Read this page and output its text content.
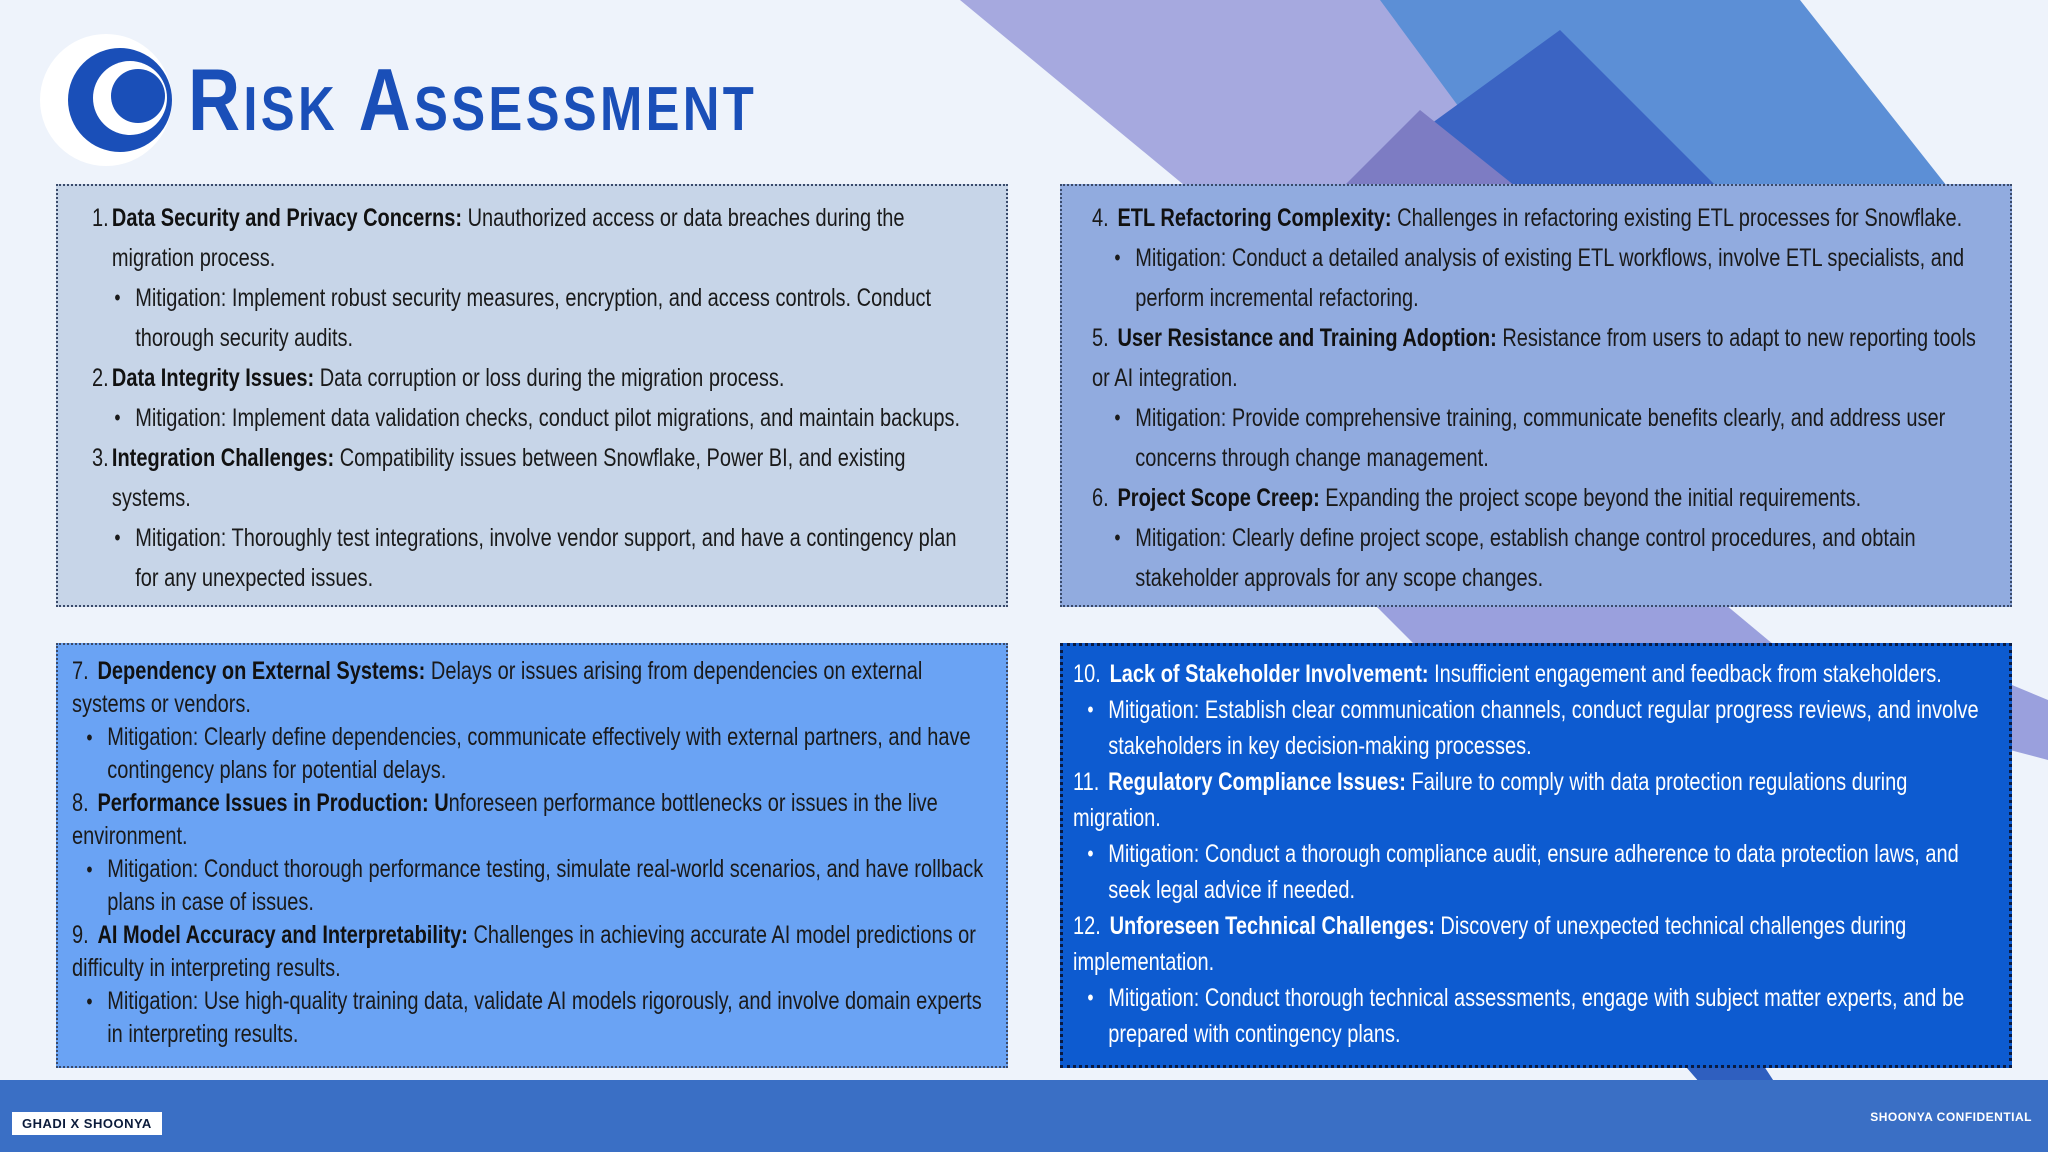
Risk Assessment
1. Data Security and Privacy Concerns: Unauthorized access or data breaches during the migration process.
• Mitigation: Implement robust security measures, encryption, and access controls. Conduct thorough security audits.
2. Data Integrity Issues: Data corruption or loss during the migration process.
• Mitigation: Implement data validation checks, conduct pilot migrations, and maintain backups.
3. Integration Challenges: Compatibility issues between Snowflake, Power BI, and existing systems.
• Mitigation: Thoroughly test integrations, involve vendor support, and have a contingency plan for any unexpected issues.
4. ETL Refactoring Complexity: Challenges in refactoring existing ETL processes for Snowflake.
• Mitigation: Conduct a detailed analysis of existing ETL workflows, involve ETL specialists, and perform incremental refactoring.
5. User Resistance and Training Adoption: Resistance from users to adapt to new reporting tools or AI integration.
• Mitigation: Provide comprehensive training, communicate benefits clearly, and address user concerns through change management.
6. Project Scope Creep: Expanding the project scope beyond the initial requirements.
• Mitigation: Clearly define project scope, establish change control procedures, and obtain stakeholder approvals for any scope changes.
7. Dependency on External Systems: Delays or issues arising from dependencies on external systems or vendors.
• Mitigation: Clearly define dependencies, communicate effectively with external partners, and have contingency plans for potential delays.
8. Performance Issues in Production: Unforeseen performance bottlenecks or issues in the live environment.
• Mitigation: Conduct thorough performance testing, simulate real-world scenarios, and have rollback plans in case of issues.
9. AI Model Accuracy and Interpretability: Challenges in achieving accurate AI model predictions or difficulty in interpreting results.
• Mitigation: Use high-quality training data, validate AI models rigorously, and involve domain experts in interpreting results.
10. Lack of Stakeholder Involvement: Insufficient engagement and feedback from stakeholders.
• Mitigation: Establish clear communication channels, conduct regular progress reviews, and involve stakeholders in key decision-making processes.
11. Regulatory Compliance Issues: Failure to comply with data protection regulations during migration.
• Mitigation: Conduct a thorough compliance audit, ensure adherence to data protection laws, and seek legal advice if needed.
12. Unforeseen Technical Challenges: Discovery of unexpected technical challenges during implementation.
• Mitigation: Conduct thorough technical assessments, engage with subject matter experts, and be prepared with contingency plans.
GHADI X SHOONYA	SHOONYA CONFIDENTIAL
